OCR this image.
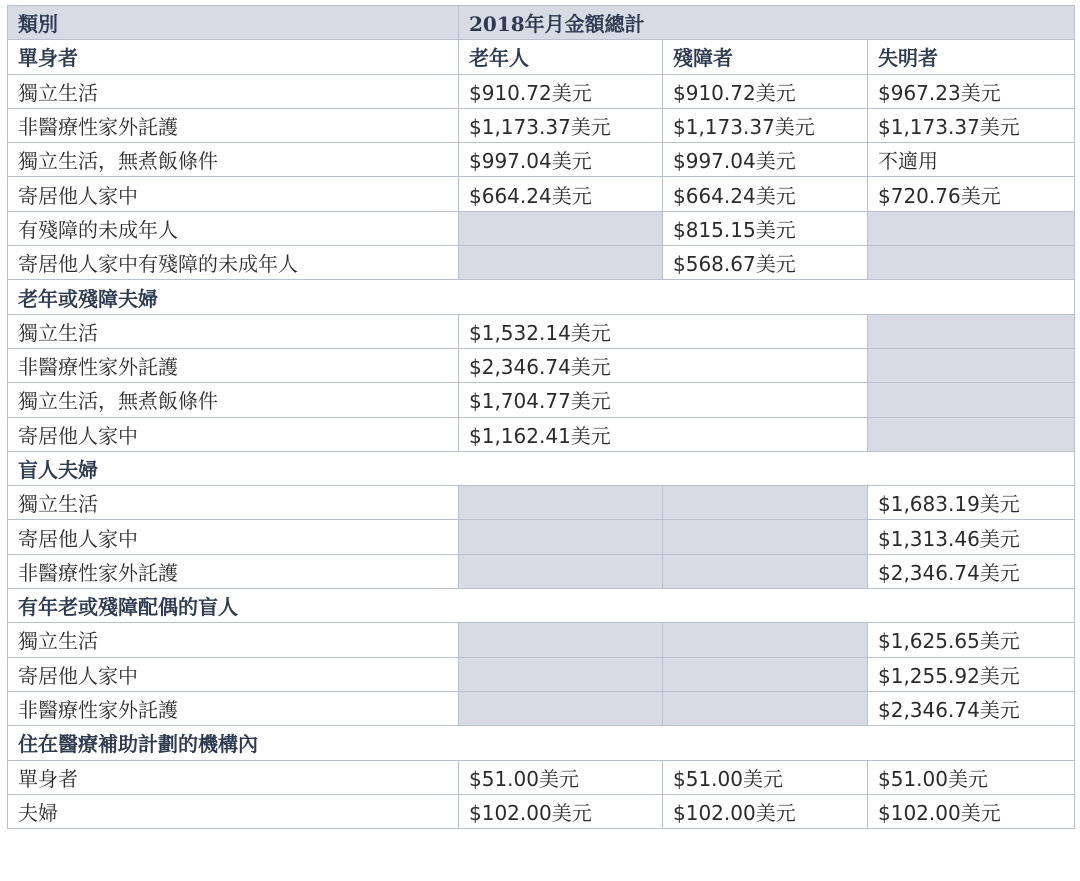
類別	2018年月金額總計		
單身者	老年人	殘障者	失明者
獨立生活	$910.72美元	$910.72美元	$967.23美元
非醫療性家外託護	$1,173.37美元	$1,173.37美元	$1,173.37美元
獨立生活，無煮飯條件	$997.04美元	$997.04美元	不適用
寄居他人家中	$664.24美元	$664.24美元	$720.76美元
有殘障的未成年人		$815.15美元	
寄居他人家中有殘障的未成年人		$568.67美元	
老年或殘障夫婦			
獨立生活	$1,532.14美元		
非醫療性家外託護	$2,346.74美元		
獨立生活，無煮飯條件	$1,704.77美元		
寄居他人家中	$1,162.41美元		
盲人夫婦			
獨立生活			$1,683.19美元
寄居他人家中			$1,313.46美元
非醫療性家外託護			$2,346.74美元
有年老或殘障配偶的盲人			
獨立生活			$1,625.65美元
寄居他人家中			$1,255.92美元
非醫療性家外託護			$2,346.74美元
住在醫療補助計劃的機構內			
單身者	$51.00美元	$51.00美元	$51.00美元
夫婦	$102.00美元	$102.00美元	$102.00美元
